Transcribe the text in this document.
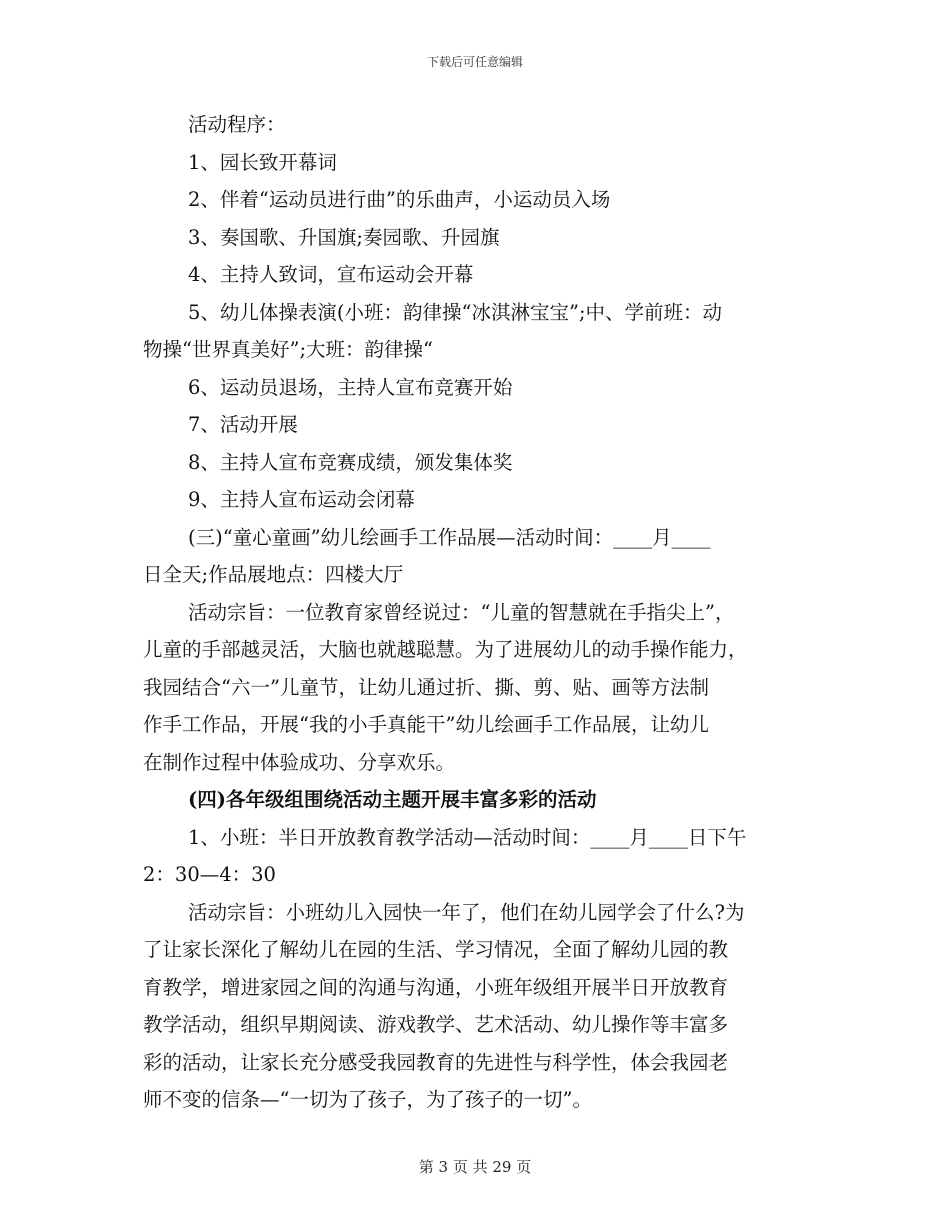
下载后可任意编辑
活动程序：
1、园长致开幕词
2、伴着“运动员进行曲”的乐曲声，小运动员入场
3、奏国歌、升国旗;奏园歌、升园旗
4、主持人致词，宣布运动会开幕
5、幼儿体操表演(小班：韵律操“冰淇淋宝宝”;中、学前班：动
物操“世界真美好”;大班：韵律操“
6、运动员退场，主持人宣布竞赛开始
7、活动开展
8、主持人宣布竞赛成绩，颁发集体奖
9、主持人宣布运动会闭幕
(三)“童心童画”幼儿绘画手工作品展—活动时间：____月____
日全天;作品展地点：四楼大厅
活动宗旨：一位教育家曾经说过：“儿童的智慧就在手指尖上”，
儿童的手部越灵活，大脑也就越聪慧。为了进展幼儿的动手操作能力，
我园结合“六一”儿童节，让幼儿通过折、撕、剪、贴、画等方法制
作手工作品，开展“我的小手真能干”幼儿绘画手工作品展，让幼儿
在制作过程中体验成功、分享欢乐。
(四)各年级组围绕活动主题开展丰富多彩的活动
1、小班：半日开放教育教学活动—活动时间：____月____日下午
2：30—4：30
活动宗旨：小班幼儿入园快一年了，他们在幼儿园学会了什么?为
了让家长深化了解幼儿在园的生活、学习情况，全面了解幼儿园的教
育教学，增进家园之间的沟通与沟通，小班年级组开展半日开放教育
教学活动，组织早期阅读、游戏教学、艺术活动、幼儿操作等丰富多
彩的活动，让家长充分感受我园教育的先进性与科学性，体会我园老
师不变的信条—“一切为了孩子，为了孩子的一切”。
第 3 页 共 29 页
